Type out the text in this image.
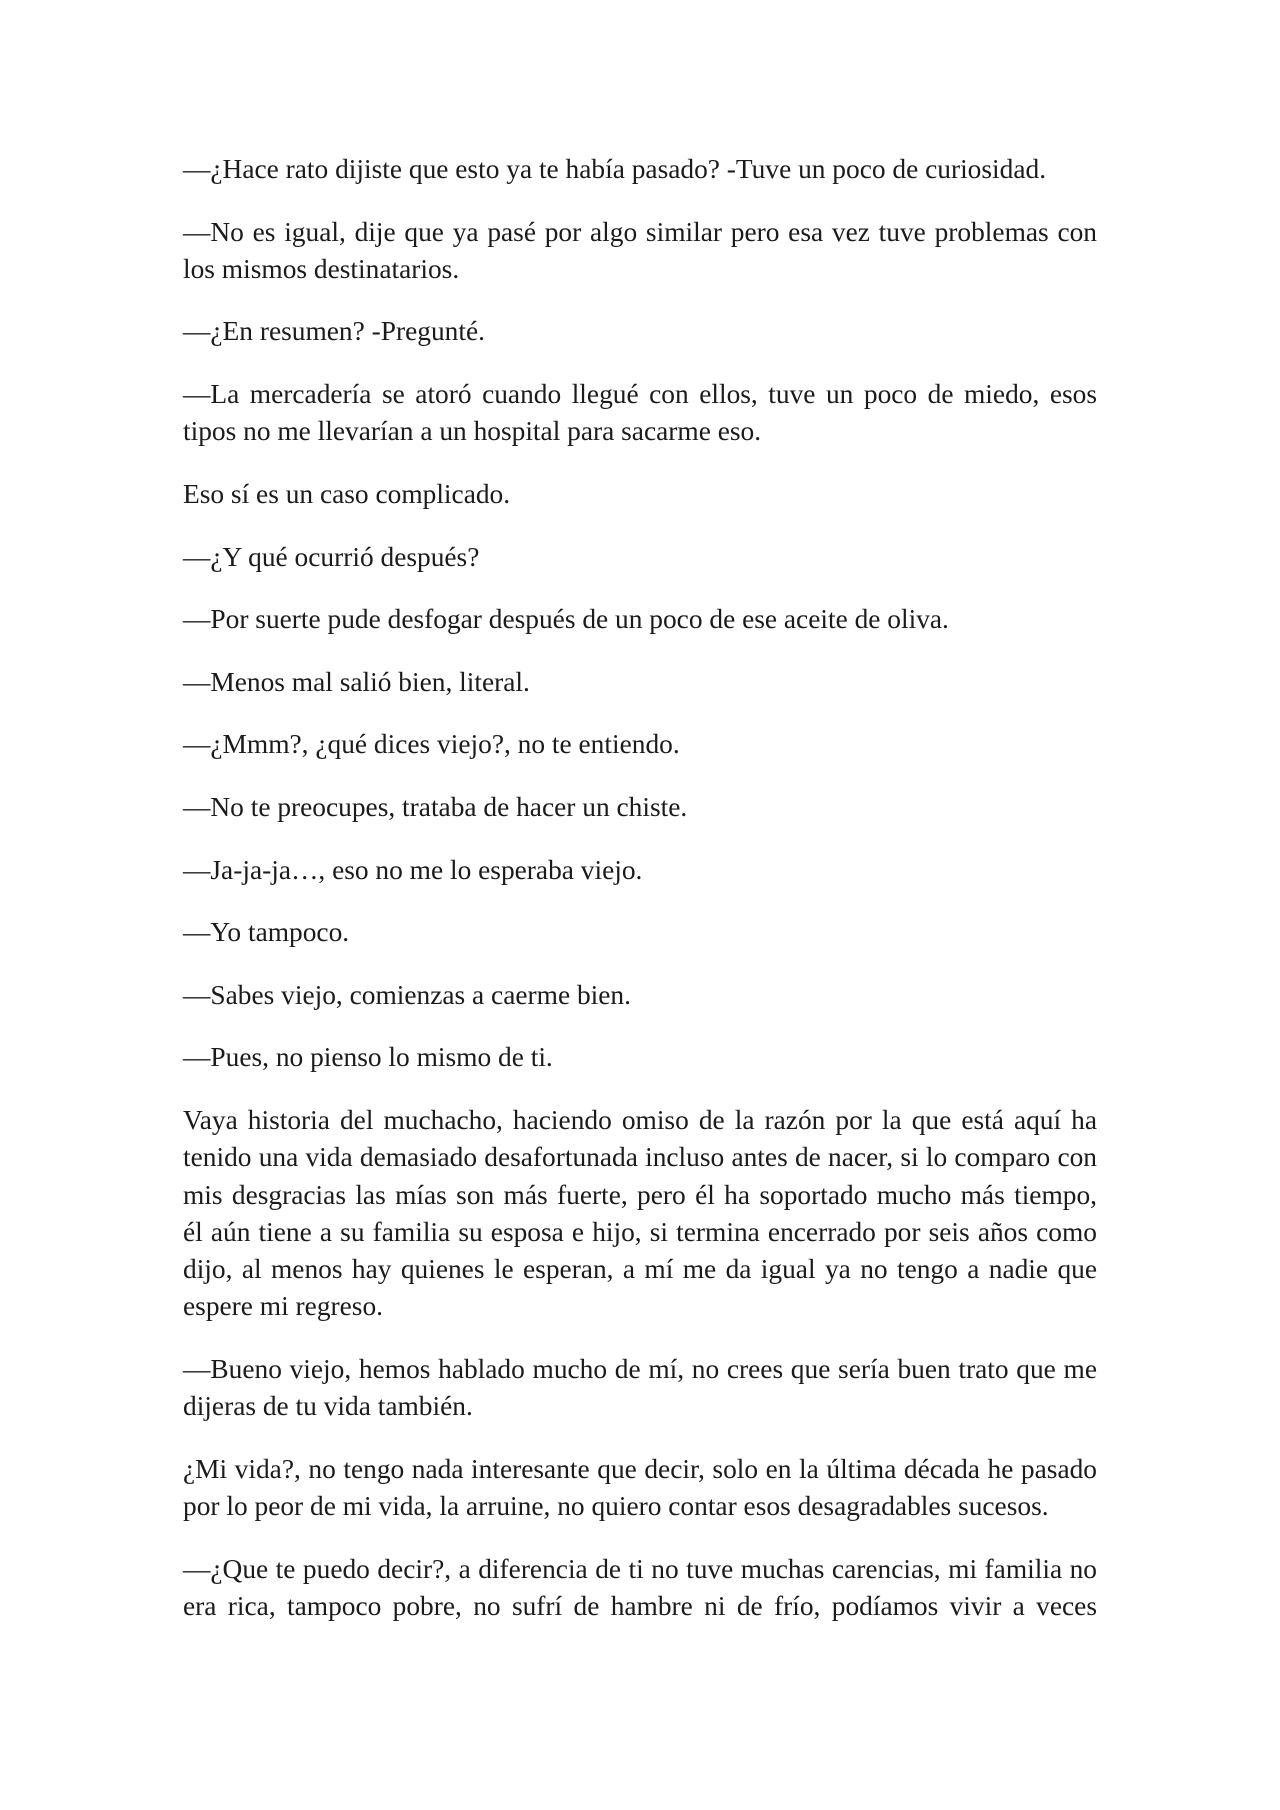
—¿Hace rato dijiste que esto ya te había pasado? -Tuve un poco de curiosidad.
—No es igual, dije que ya pasé por algo similar pero esa vez tuve problemas con
los mismos destinatarios.
—¿En resumen? -Pregunté.
—La mercadería se atoró cuando llegué con ellos, tuve un poco de miedo, esos
tipos no me llevarían a un hospital para sacarme eso.
Eso sí es un caso complicado.
—¿Y qué ocurrió después?
—Por suerte pude desfogar después de un poco de ese aceite de oliva.
—Menos mal salió bien, literal.
—¿Mmm?, ¿qué dices viejo?, no te entiendo.
—No te preocupes, trataba de hacer un chiste.
—Ja-ja-ja…, eso no me lo esperaba viejo.
—Yo tampoco.
—Sabes viejo, comienzas a caerme bien.
—Pues, no pienso lo mismo de ti.
Vaya historia del muchacho, haciendo omiso de la razón por la que está aquí ha
tenido una vida demasiado desafortunada incluso antes de nacer, si lo comparo con
mis desgracias las mías son más fuerte, pero él ha soportado mucho más tiempo,
él aún tiene a su familia su esposa e hijo, si termina encerrado por seis años como
dijo, al menos hay quienes le esperan, a mí me da igual ya no tengo a nadie que
espere mi regreso.
—Bueno viejo, hemos hablado mucho de mí, no crees que sería buen trato que me
dijeras de tu vida también.
¿Mi vida?, no tengo nada interesante que decir, solo en la última década he pasado
por lo peor de mi vida, la arruine, no quiero contar esos desagradables sucesos.
—¿Que te puedo decir?, a diferencia de ti no tuve muchas carencias, mi familia no
era rica, tampoco pobre, no sufrí de hambre ni de frío, podíamos vivir a veces
